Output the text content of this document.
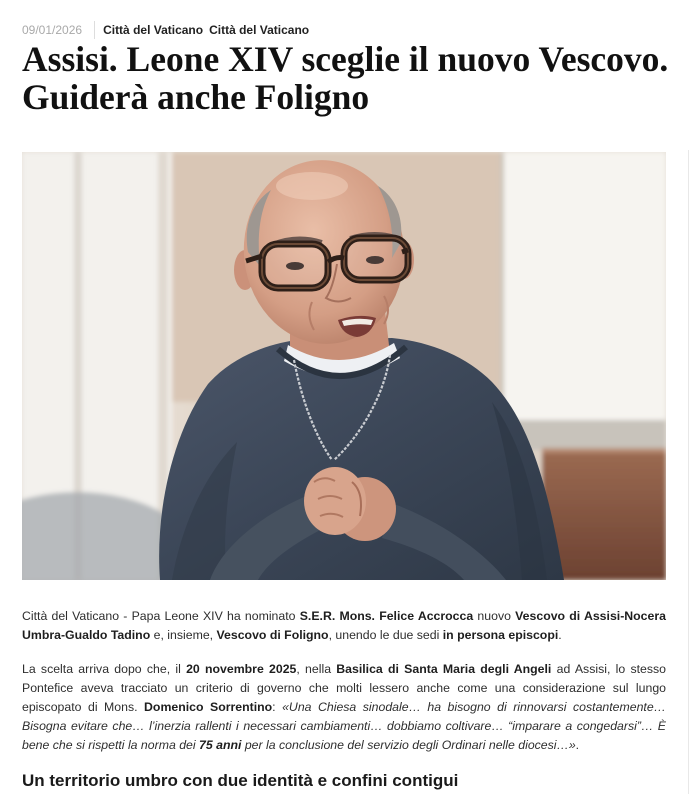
09/01/2026 Città del Vaticano Città del Vaticano
Assisi. Leone XIV sceglie il nuovo Vescovo. Guiderà anche Foligno

Città del Vaticano - Papa Leone XIV ha nominato S.E.R. Mons. Felice Accrocca nuovo Vescovo di Assisi-Nocera Umbra-Gualdo Tadino e, insieme, Vescovo di Foligno, unendo le due sedi in persona episcopi.

La scelta arriva dopo che, il 20 novembre 2025, nella Basilica di Santa Maria degli Angeli ad Assisi, lo stesso Pontefice aveva tracciato un criterio di governo che molti lessero anche come una considerazione sul lungo episcopato di Mons. Domenico Sorrentino: «Una Chiesa sinodale… ha bisogno di rinnovarsi costantemente… Bisogna evitare che… l’inerzia rallenti i necessari cambiamenti… dobbiamo coltivare… “imparare a congedarsi”… È bene che si rispetti la norma dei 75 anni per la conclusione del servizio degli Ordinari nelle diocesi…».

Un territorio umbro con due identità e confini contigui
